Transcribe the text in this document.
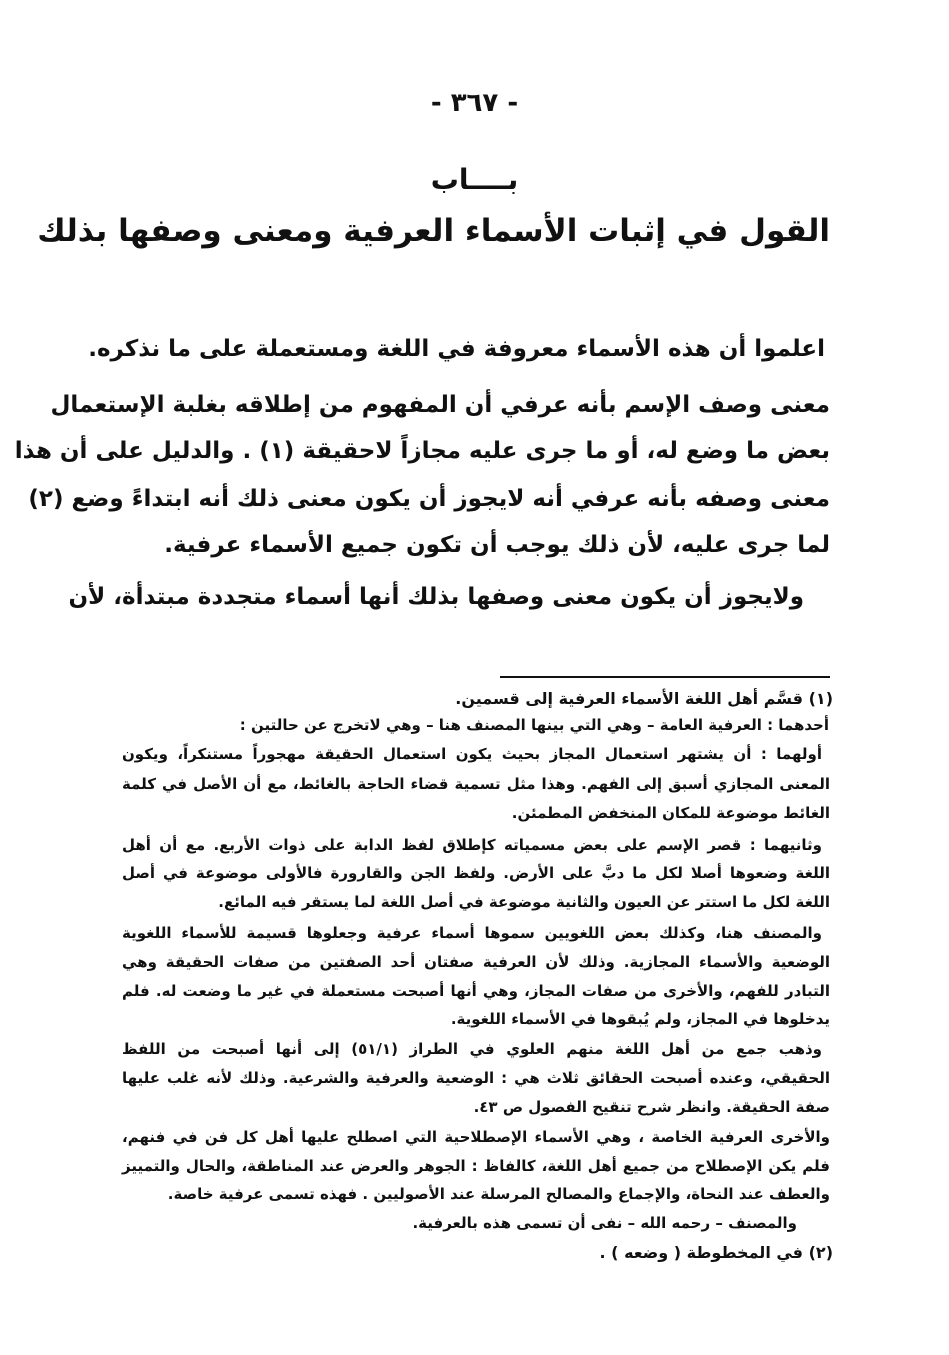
- ٣٦٧ -
بــــاب
القول في إثبات الأسماء العرفية ومعنى وصفها بذلك
اعلموا أن هذه الأسماء معروفة في اللغة ومستعملة على ما نذكره.
معنى وصف الإسم بأنه عرفي أن المفهوم من إطلاقه بغلبة الإستعمال
بعض ما وضع له، أو ما جرى عليه مجازاً لاحقيقة (١) . والدليل على أن هذا
معنى وصفه بأنه عرفي أنه لايجوز أن يكون معنى ذلك أنه ابتداءً وضع (٢)
لما جرى عليه، لأن ذلك يوجب أن تكون جميع الأسماء عرفية.
ولايجوز أن يكون معنى وصفها بذلك أنها أسماء متجددة مبتدأة، لأن
(١) قسَّم أهل اللغة الأسماء العرفية إلى قسمين.
أحدهما : العرفية العامة – وهي التي بينها المصنف هنا – وهي لاتخرج عن حالتين :
أولهما : أن يشتهر استعمال المجاز بحيث يكون استعمال الحقيقة مهجوراً مستنكراً، ويكون
المعنى المجازي أسبق إلى الفهم. وهذا مثل تسمية قضاء الحاجة بالغائط، مع أن الأصل في كلمة
الغائط موضوعة للمكان المنخفض المطمئن.
وثانيهما : قصر الإسم على بعض مسمياته كإطلاق لفظ الدابة على ذوات الأربع. مع أن أهل
اللغة وضعوها أصلا لكل ما دبَّ على الأرض. ولفظ الجن والقارورة فالأولى موضوعة في أصل
اللغة لكل ما استتر عن العيون والثانية موضوعة في أصل اللغة لما يستقر فيه المائع.
والمصنف هنا، وكذلك بعض اللغويين سموها أسماء عرفية وجعلوها قسيمة للأسماء اللغوية
الوضعية والأسماء المجازية. وذلك لأن العرفية صفتان أحد الصفتين من صفات الحقيقة وهي
التبادر للفهم، والأخرى من صفات المجاز، وهي أنها أصبحت مستعملة في غير ما وضعت له. فلم
يدخلوها في المجاز، ولم يُبقوها في الأسماء اللغوية.
وذهب جمع من أهل اللغة منهم العلوي في الطراز (٥١/١) إلى أنها أصبحت من اللفظ
الحقيقي، وعنده أصبحت الحقائق ثلاث هي : الوضعية والعرفية والشرعية. وذلك لأنه غلب عليها
صفة الحقيقة. وانظر شرح تنقيح الفصول ص ٤٣.
والأخرى العرفية الخاصة ، وهي الأسماء الإصطلاحية التي اصطلح عليها أهل كل فن في فنهم،
فلم يكن الإصطلاح من جميع أهل اللغة، كالفاظ : الجوهر والعرض عند المناطقة، والحال والتمييز
والعطف عند النحاة، والإجماع والمصالح المرسلة عند الأصوليين . فهذه تسمى عرفية خاصة.
والمصنف – رحمه الله – نفى أن تسمى هذه بالعرفية.
(٢) في المخطوطة ( وضعه ) .
